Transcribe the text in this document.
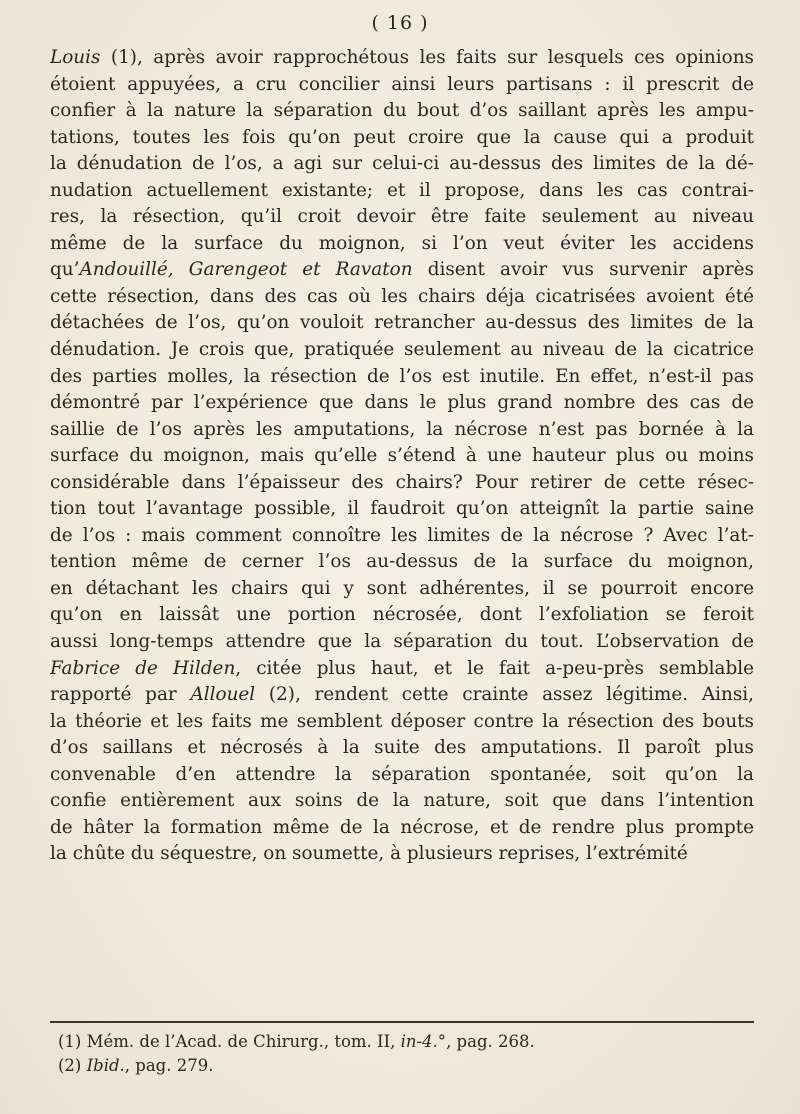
( 16 )
Louis (1), après avoir rapprochétous les faits sur lesquels ces opinions
étoient appuyées, a cru concilier ainsi leurs partisans : il prescrit de
confier à la nature la séparation du bout d’os saillant après les ampu-
tations, toutes les fois qu’on peut croire que la cause qui a produit
la dénudation de l’os, a agi sur celui-ci au-dessus des limites de la dé-
nudation actuellement existante; et il propose, dans les cas contrai-
res, la résection, qu’il croit devoir être faite seulement au niveau
même de la surface du moignon, si l’on veut éviter les accidens
qu’Andouillé, Garengeot et Ravaton disent avoir vus survenir après
cette résection, dans des cas où les chairs déja cicatrisées avoient été
détachées de l’os, qu’on vouloit retrancher au-dessus des limites de la
dénudation. Je crois que, pratiquée seulement au niveau de la cicatrice
des parties molles, la résection de l’os est inutile. En effet, n’est-il pas
démontré par l’expérience que dans le plus grand nombre des cas de
saillie de l’os après les amputations, la nécrose n’est pas bornée à la
surface du moignon, mais qu’elle s’étend à une hauteur plus ou moins
considérable dans l’épaisseur des chairs? Pour retirer de cette résec-
tion tout l’avantage possible, il faudroit qu’on atteignît la partie saine
de l’os : mais comment connoître les limites de la nécrose ? Avec l’at-
tention même de cerner l’os au-dessus de la surface du moignon,
en détachant les chairs qui y sont adhérentes, il se pourroit encore
qu’on en laissât une portion nécrosée, dont l’exfoliation se feroit
aussi long-temps attendre que la séparation du tout. L’observation de
Fabrice de Hilden, citée plus haut, et le fait a-peu-près semblable
rapporté par Allouel (2), rendent cette crainte assez légitime. Ainsi,
la théorie et les faits me semblent déposer contre la résection des bouts
d’os saillans et nécrosés à la suite des amputations. Il paroît plus
convenable d’en attendre la séparation spontanée, soit qu’on la
confie entièrement aux soins de la nature, soit que dans l’intention
de hâter la formation même de la nécrose, et de rendre plus prompte
la chûte du séquestre, on soumette, à plusieurs reprises, l’extrémité
(1) Mém. de l’Acad. de Chirurg., tom. II, in-4.°, pag. 268.
(2) Ibid., pag. 279.
